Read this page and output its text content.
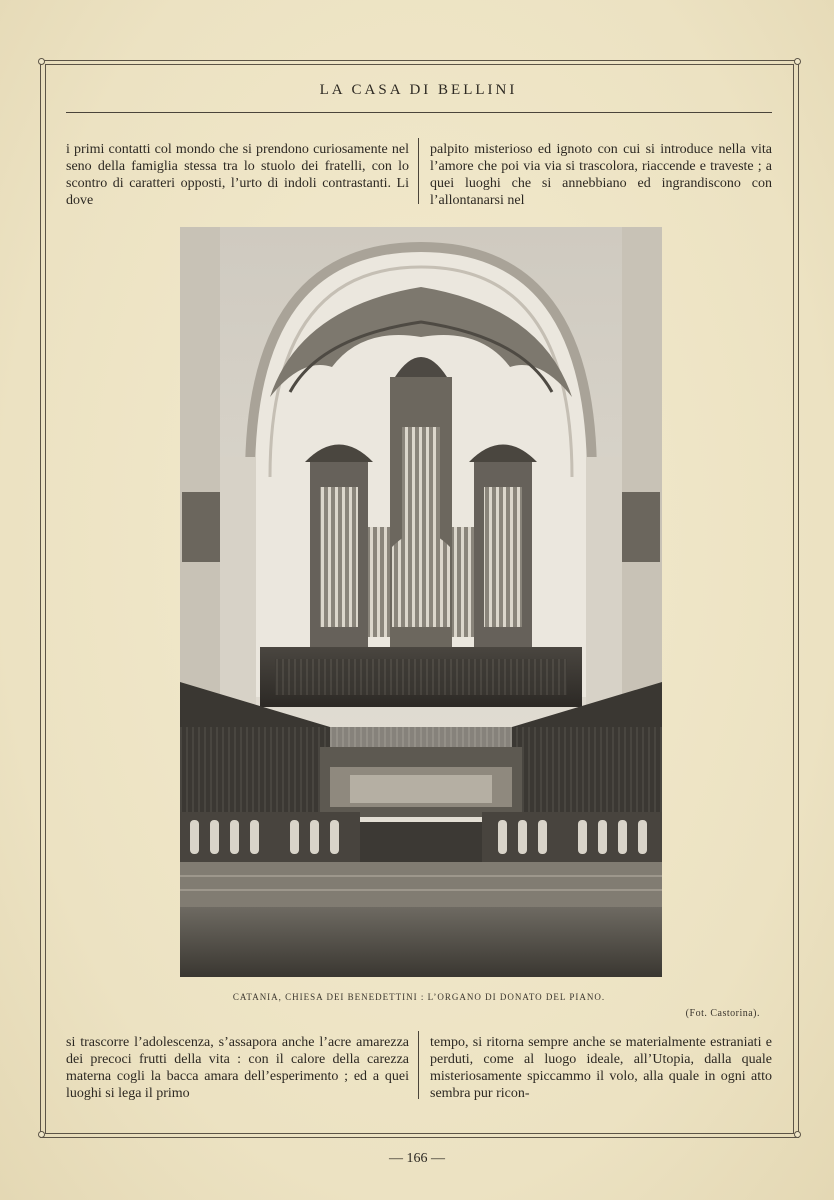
LA CASA DI BELLINI

i primi contatti col mondo che si prendono curiosamente nel seno della famiglia stessa tra lo stuolo dei fratelli, con lo scontro di caratteri opposti, l’urto di indoli contrastanti. Li dove

palpito misterioso ed ignoto con cui si introduce nella vita l’amore che poi via via si trascolora, riaccende e traveste ; a quei luoghi che si annebbiano ed ingrandiscono con l’allontanarsi nel

CATANIA, CHIESA DEI BENEDETTINI : L’ORGANO DI DONATO DEL PIANO.
(Fot. Castorina).

si trascorre l’adolescenza, s’assapora anche l’acre amarezza dei precoci frutti della vita : con il calore della carezza materna cogli la bacca amara dell’esperimento ; ed a quei luoghi si lega il primo

tempo, si ritorna sempre anche se materialmente estraniati e perduti, come al luogo ideale, all’Utopia, dalla quale misteriosamente spiccammo il volo, alla quale in ogni atto sembra pur ricon-

— 166 —
